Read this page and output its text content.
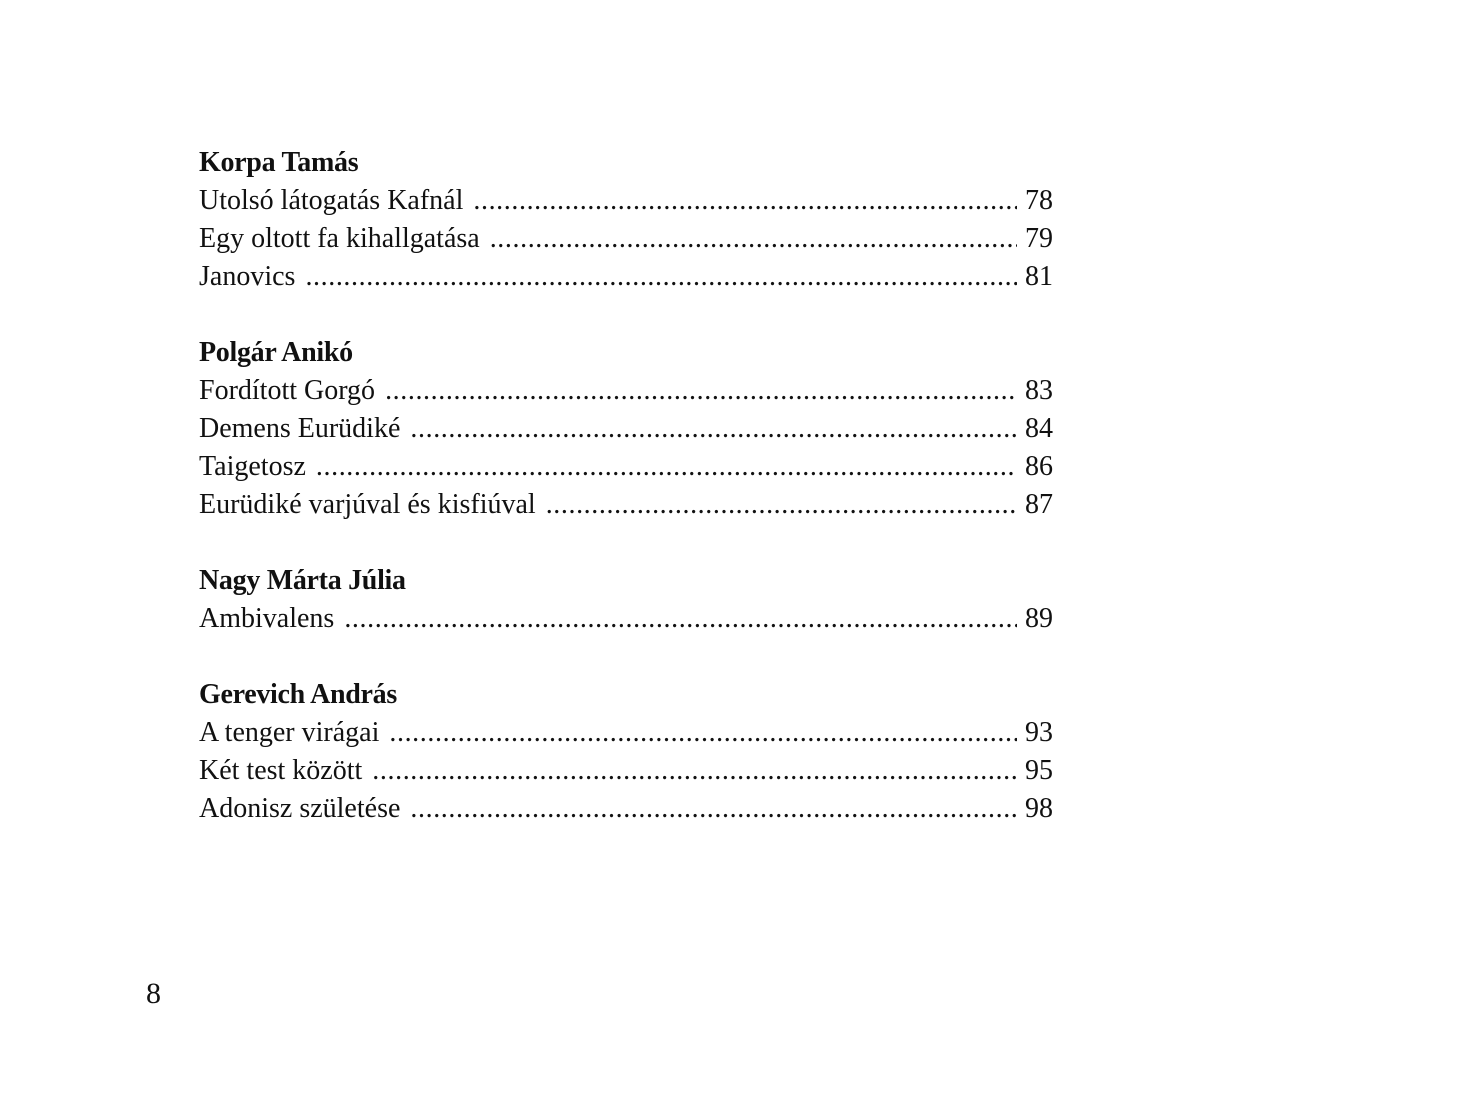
Korpa Tamás
Utolsó látogatás Kafnál .....	78
Egy oltott fa kihallgatása .....	79
Janovics .....	81
Polgár Anikó
Fordított Gorgó .....	83
Demens Eurüdiké .....	84
Taigetosz .....	86
Eurüdiké varjúval és kisfiúval .....	87
Nagy Márta Júlia
Ambivalens .....	89
Gerevich András
A tenger virágai .....	93
Két test között .....	95
Adonisz születése .....	98
8
